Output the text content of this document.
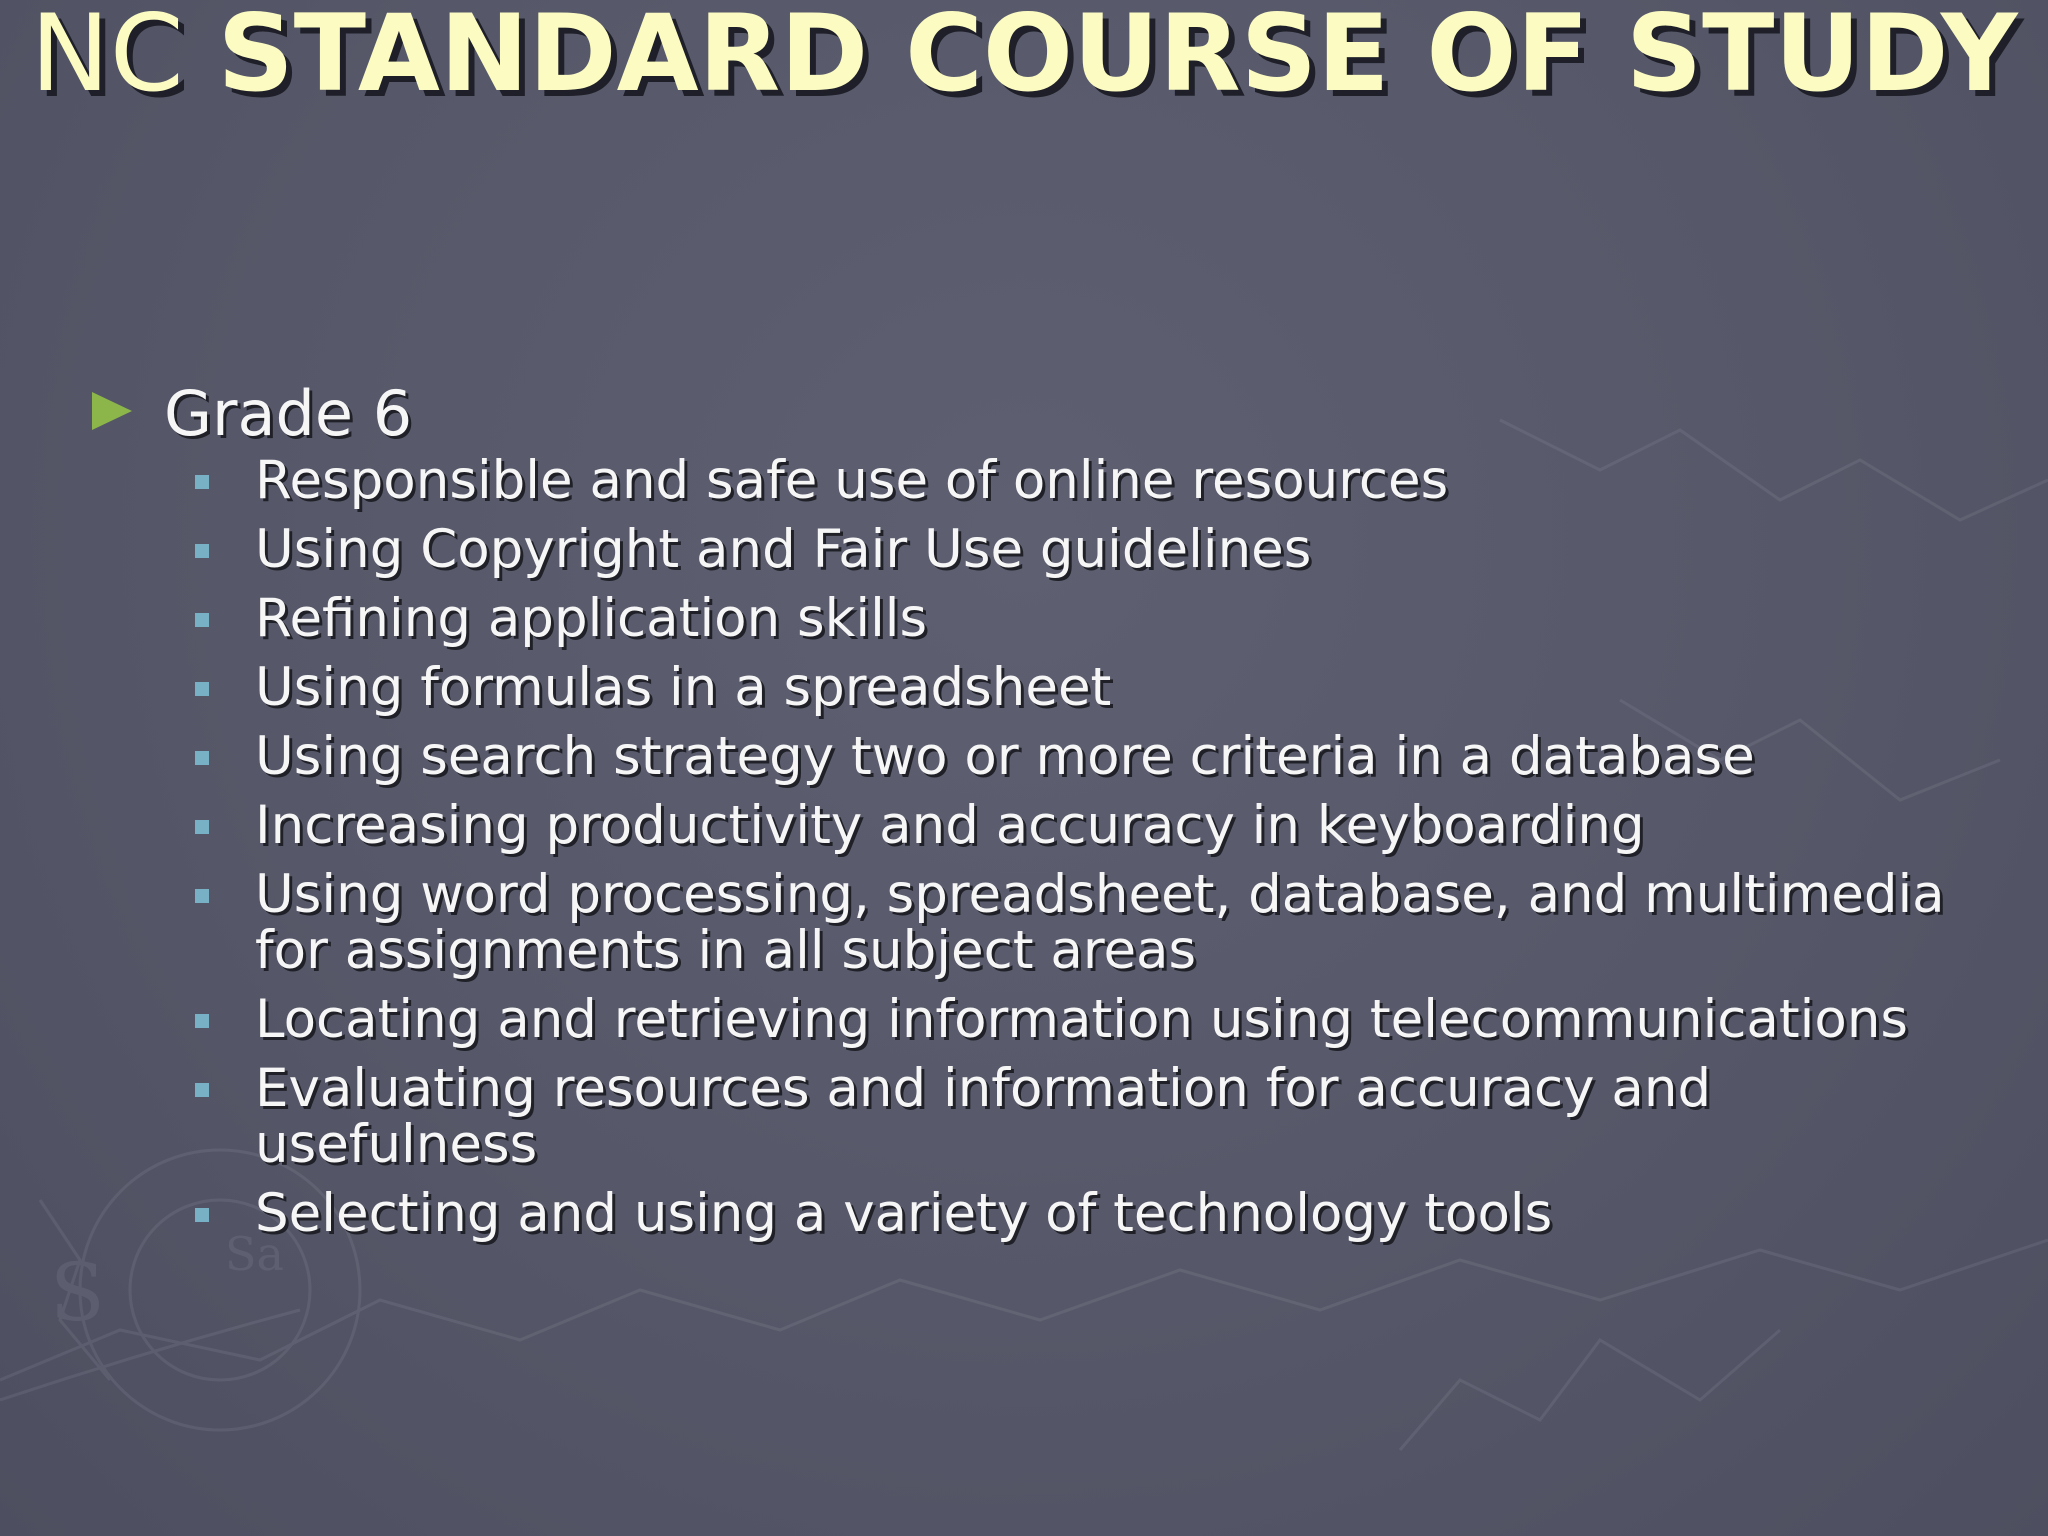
S	Sa
NC STANDARD COURSE OF STUDY
Grade 6
Responsible and safe use of online resources
Using Copyright and Fair Use guidelines
Refining application skills
Using formulas in a spreadsheet
Using search strategy two or more criteria in a database
Increasing productivity and accuracy in keyboarding
Using word processing, spreadsheet, database, and multimedia for assignments in all subject areas
Locating and retrieving information using telecommunications
Evaluating resources and information for accuracy and usefulness
Selecting and using a variety of technology tools
